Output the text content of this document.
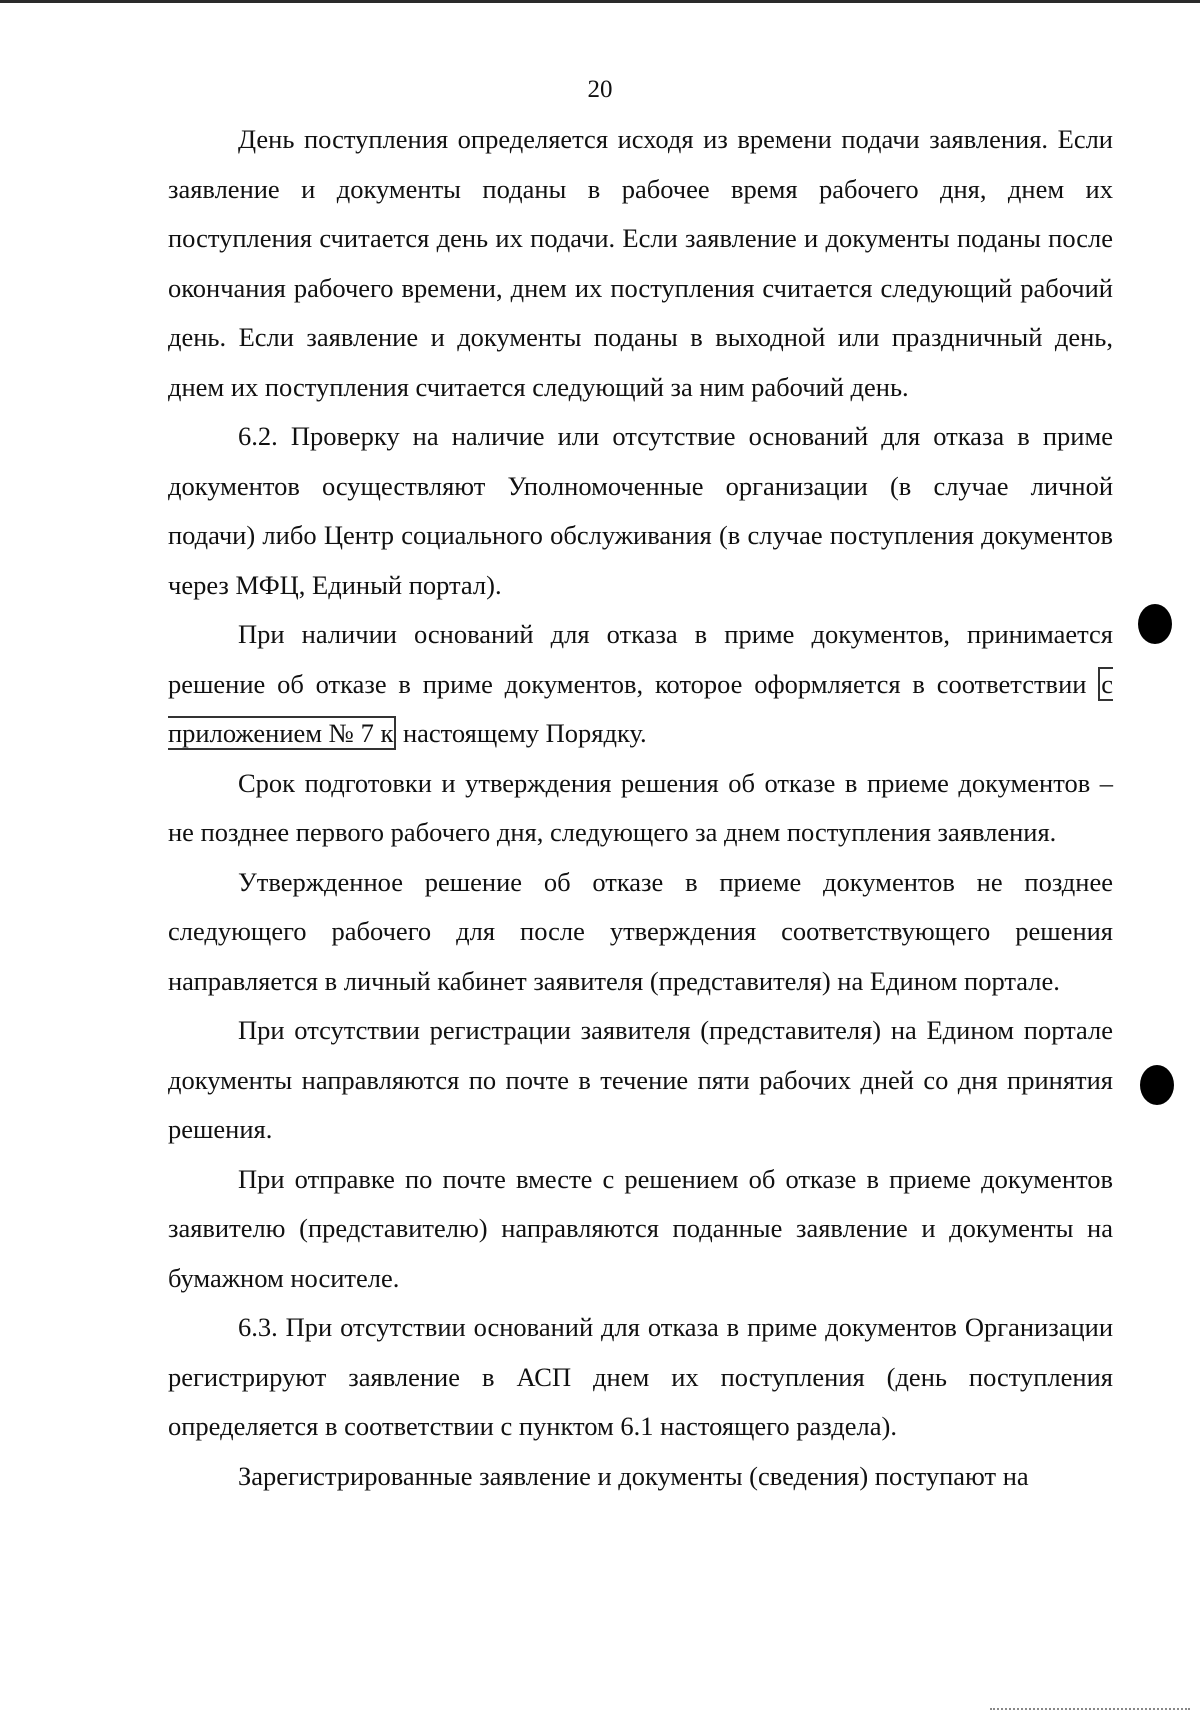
20

День поступления определяется исходя из времени подачи заявления. Если заявление и документы поданы в рабочее время рабочего дня, днем их поступления считается день их подачи. Если заявление и документы поданы после окончания рабочего времени, днем их поступления считается следующий рабочий день. Если заявление и документы поданы в выходной или праздничный день, днем их поступления считается следующий за ним рабочий день.

6.2. Проверку на наличие или отсутствие оснований для отказа в приме документов осуществляют Уполномоченные организации (в случае личной подачи) либо Центр социального обслуживания (в случае поступления документов через МФЦ, Единый портал).

При наличии оснований для отказа в приме документов, принимается решение об отказе в приме документов, которое оформляется в соответствии с приложением № 7 к настоящему Порядку.

Срок подготовки и утверждения решения об отказе в приеме документов – не позднее первого рабочего дня, следующего за днем поступления заявления.

Утвержденное решение об отказе в приеме документов не позднее следующего рабочего для после утверждения соответствующего решения направляется в личный кабинет заявителя (представителя) на Едином портале.

При отсутствии регистрации заявителя (представителя) на Едином портале документы направляются по почте в течение пяти рабочих дней со дня принятия решения.

При отправке по почте вместе с решением об отказе в приеме документов заявителю (представителю) направляются поданные заявление и документы на бумажном носителе.

6.3. При отсутствии оснований для отказа в приме документов Организации регистрируют заявление в АСП днем их поступления (день поступления определяется в соответствии с пунктом 6.1 настоящего раздела).

Зарегистрированные заявление и документы (сведения) поступают на
